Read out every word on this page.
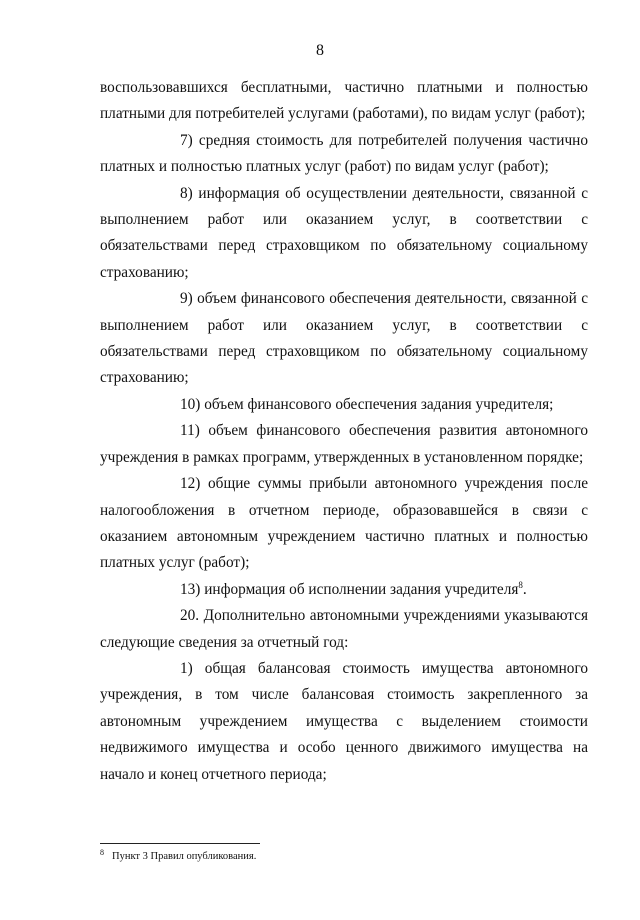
8

воспользовавшихся бесплатными, частично платными и полностью платными для потребителей услугами (работами), по видам услуг (работ);

7) средняя стоимость для потребителей получения частично платных и полностью платных услуг (работ) по видам услуг (работ);

8) информация об осуществлении деятельности, связанной с выполнением работ или оказанием услуг, в соответствии с обязательствами перед страховщиком по обязательному социальному страхованию;

9) объем финансового обеспечения деятельности, связанной с выполнением работ или оказанием услуг, в соответствии с обязательствами перед страховщиком по обязательному социальному страхованию;

10) объем финансового обеспечения задания учредителя;

11) объем финансового обеспечения развития автономного учреждения в рамках программ, утвержденных в установленном порядке;

12) общие суммы прибыли автономного учреждения после налогообложения в отчетном периоде, образовавшейся в связи с оказанием автономным учреждением частично платных и полностью платных услуг (работ);

13) информация об исполнении задания учредителя$^8$.

20. Дополнительно автономными учреждениями указываются следующие сведения за отчетный год:

1) общая балансовая стоимость имущества автономного учреждения, в том числе балансовая стоимость закрепленного за автономным учреждением имущества с выделением стоимости недвижимого имущества и особо ценного движимого имущества на начало и конец отчетного периода;

8 Пункт 3 Правил опубликования.
